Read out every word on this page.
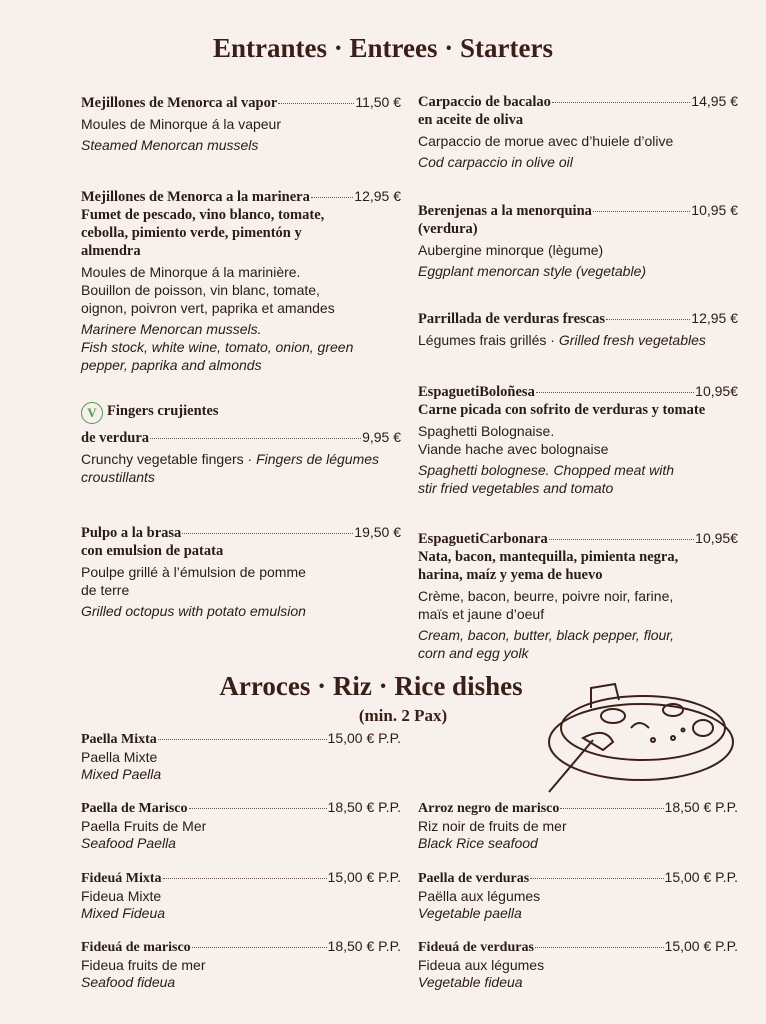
Entrantes · Entrees · Starters
Mejillones de Menorca al vapor	11,50 €
Moules de Minorque á la vapeur
Steamed Menorcan mussels
Mejillones de Menorca a la marinera	12,95 €
Fumet de pescado, vino blanco, tomate,
cebolla, pimiento verde, pimentón y
almendra
Moules de Minorque á la marinière.
Bouillon de poisson, vin blanc, tomate,
oignon, poivron vert, paprika et amandes
Marinere Menorcan mussels.
Fish stock, white wine, tomato, onion, green
pepper, paprika and almonds
V Fingers crujientes
de verdura	9,95 €
Crunchy vegetable fingers · Fingers de légumes croustillants
Pulpo a la brasa	19,50 €
con emulsion de patata
Poulpe grillé à l’émulsion de pomme
de terre
Grilled octopus with potato emulsion
Carpaccio de bacalao	14,95 €
en aceite de oliva
Carpaccio de morue avec d’huiele d’olive
Cod carpaccio in olive oil
Berenjenas a la menorquina	10,95 €
(verdura)
Aubergine minorque (lègume)
Eggplant menorcan style (vegetable)
Parrillada de verduras frescas	12,95 €
Légumes frais grillés · Grilled fresh vegetables
EspaguetiBoloñesa	10,95€
Carne picada con sofrito de verduras y tomate
Spaghetti Bolognaise.
Viande hache avec bolognaise
Spaghetti bolognese. Chopped meat with
stir fried vegetables and tomato
EspaguetiCarbonara	10,95€
Nata, bacon, mantequilla, pimienta negra,
harina, maíz y yema de huevo
Crème, bacon, beurre, poivre noir, farine,
maïs et jaune d’oeuf
Cream, bacon, butter, black pepper, flour,
corn and egg yolk
Arroces · Riz · Rice dishes
(min. 2 Pax)
Paella Mixta	15,00 € P.P.
Paella Mixte
Mixed Paella
Paella de Marisco	18,50 € P.P.
Paella Fruits de Mer
Seafood Paella
Fideuá Mixta	15,00 € P.P.
Fideua Mixte
Mixed Fideua
Fideuá de marisco	18,50 € P.P.
Fideua fruits de mer
Seafood fideua
Arroz negro de marisco	18,50 € P.P.
Riz noir de fruits de mer
Black Rice seafood
Paella de verduras	15,00 € P.P.
Paëlla aux légumes
Vegetable paella
Fideuá de verduras	15,00 € P.P.
Fideua aux légumes
Vegetable fideua
